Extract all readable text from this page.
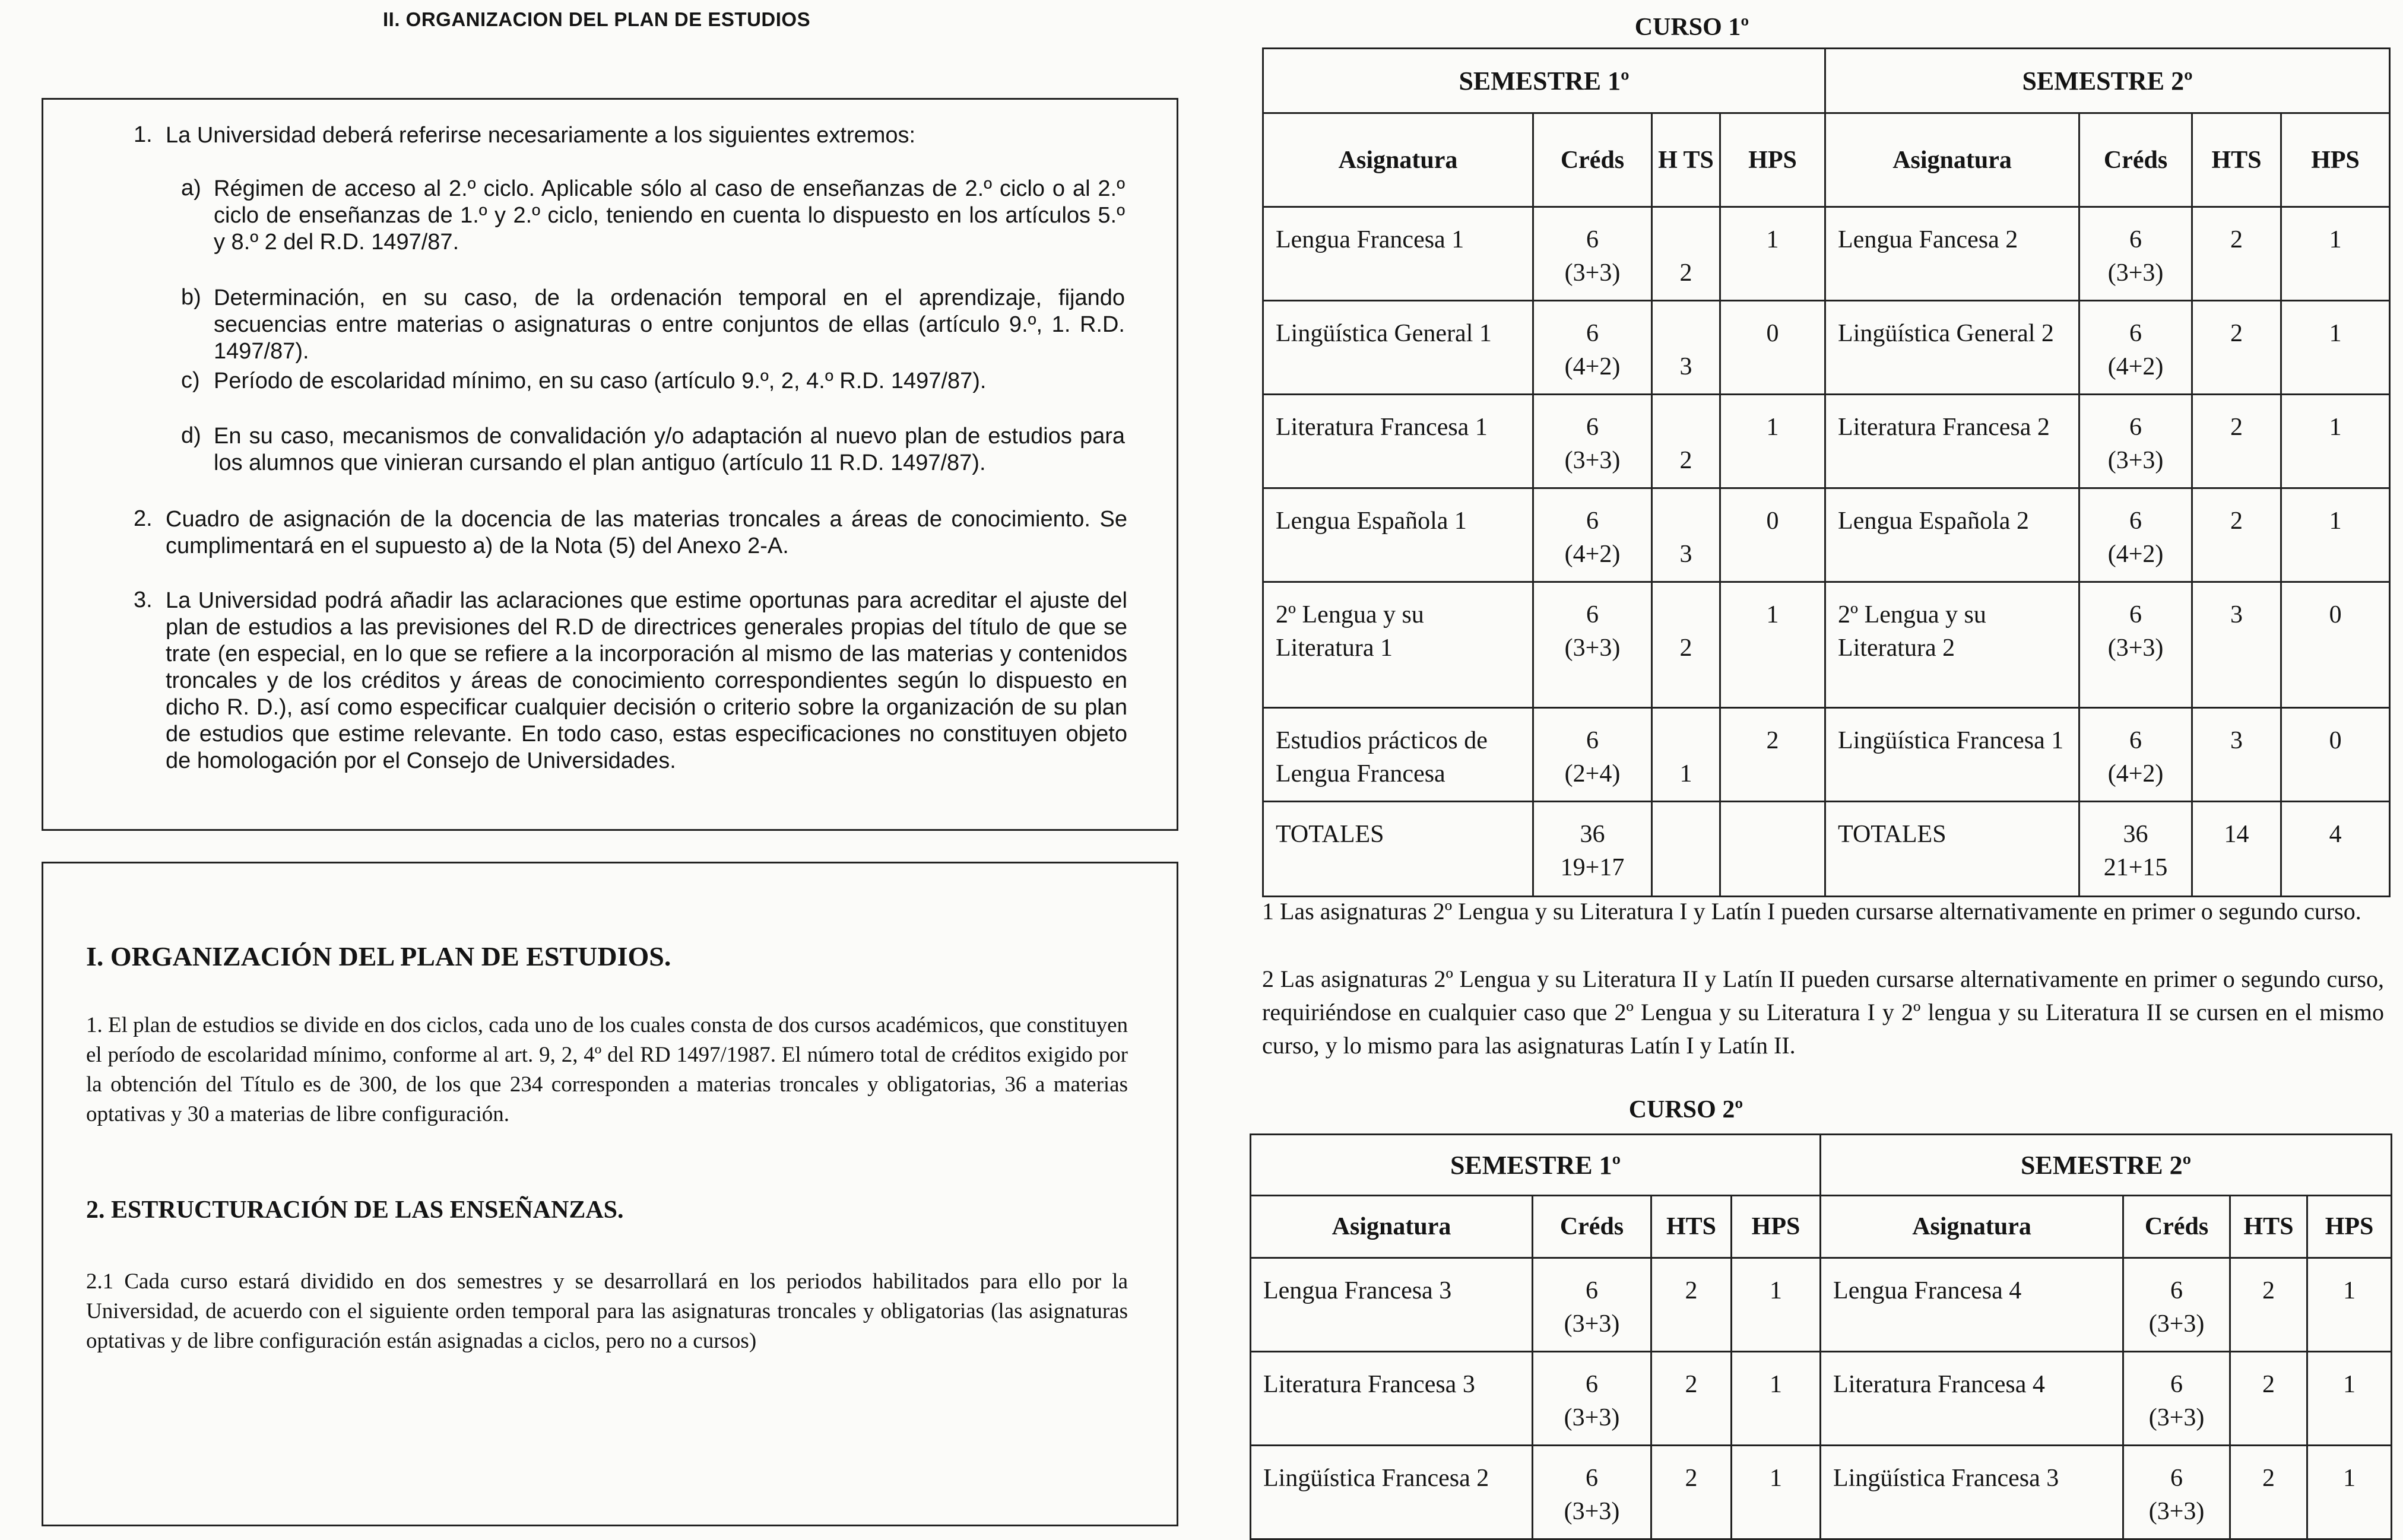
II. ORGANIZACION DEL PLAN DE ESTUDIOS
1. La Universidad deberá referirse necesariamente a los siguientes extremos:
a) Régimen de acceso al 2.º ciclo. Aplicable sólo al caso de enseñanzas de 2.º ciclo o al 2.º ciclo de enseñanzas de 1.º y 2.º ciclo, teniendo en cuenta lo dispuesto en los artículos 5.º y 8.º 2 del R.D. 1497/87.
b) Determinación, en su caso, de la ordenación temporal en el aprendizaje, fijando secuencias entre materias o asignaturas o entre conjuntos de ellas (artículo 9.º, 1. R.D. 1497/87).
c) Período de escolaridad mínimo, en su caso (artículo 9.º, 2, 4.º R.D. 1497/87).
d) En su caso, mecanismos de convalidación y/o adaptación al nuevo plan de estudios para los alumnos que vinieran cursando el plan antiguo (artículo 11 R.D. 1497/87).
2. Cuadro de asignación de la docencia de las materias troncales a áreas de conocimiento. Se cumplimentará en el supuesto a) de la Nota (5) del Anexo 2-A.
3. La Universidad podrá añadir las aclaraciones que estime oportunas para acreditar el ajuste del plan de estudios a las previsiones del R.D de directrices generales propias del título de que se trate (en especial, en lo que se refiere a la incorporación al mismo de las materias y contenidos troncales y de los créditos y áreas de conocimiento correspondientes según lo dispuesto en dicho R. D.), así como especificar cualquier decisión o criterio sobre la organización de su plan de estudios que estime relevante. En todo caso, estas especificaciones no constituyen objeto de homologación por el Consejo de Universidades.
I. ORGANIZACIÓN DEL PLAN DE ESTUDIOS.
1. El plan de estudios se divide en dos ciclos, cada uno de los cuales consta de dos cursos académicos, que constituyen el período de escolaridad mínimo, conforme al art. 9, 2, 4º del RD 1497/1987. El número total de créditos exigido por la obtención del Título es de 300, de los que 234 corresponden a materias troncales y obligatorias, 36 a materias optativas y 30 a materias de libre configuración.
2. ESTRUCTURACIÓN DE LAS ENSEÑANZAS.
2.1 Cada curso estará dividido en dos semestres y se desarrollará en los periodos habilitados para ello por la Universidad, de acuerdo con el siguiente orden temporal para las asignaturas troncales y obligatorias (las asignaturas optativas y de libre configuración están asignadas a ciclos, pero no a cursos)
CURSO 1º
SEMESTRE 1º				SEMESTRE 2º			
Asignatura	Créds	H TS	HPS	Asignatura	Créds	HTS	HPS
Lengua Francesa 1	6
(3+3)	2	1	Lengua Fancesa 2	6
(3+3)	2	1
Lingüística General 1	6
(4+2)	3	0	Lingüística General 2	6
(4+2)	2	1
Literatura Francesa 1	6
(3+3)	2	1	Literatura Francesa 2	6
(3+3)	2	1
Lengua Española 1	6
(4+2)	3	0	Lengua Española 2	6
(4+2)	2	1
2º Lengua y su Literatura 1	6
(3+3)	2	1	2º Lengua y su Literatura 2	6
(3+3)	3	0
Estudios prácticos de Lengua Francesa	6
(2+4)	1	2	Lingüística Francesa 1	6
(4+2)	3	0
TOTALES	36
19+17			TOTALES	36
21+15	14	4
1 Las asignaturas 2º Lengua y su Literatura I y Latín I pueden cursarse alternativamente en primer o segundo curso.
2 Las asignaturas 2º Lengua y su Literatura II y Latín II pueden cursarse alternativamente en primer o segundo curso, requiriéndose en cualquier caso que 2º Lengua y su Literatura I y 2º lengua y su Literatura II se cursen en el mismo curso, y lo mismo para las asignaturas Latín I y Latín II.
CURSO 2º
SEMESTRE 1º				SEMESTRE 2º			
Asignatura	Créds	HTS	HPS	Asignatura	Créds	HTS	HPS
Lengua Francesa 3	6
(3+3)	2	1	Lengua Francesa 4	6
(3+3)	2	1
Literatura Francesa 3	6
(3+3)	2	1	Literatura Francesa 4	6
(3+3)	2	1
Lingüística Francesa 2	6
(3+3)	2	1	Lingüística Francesa 3	6
(3+3)	2	1
